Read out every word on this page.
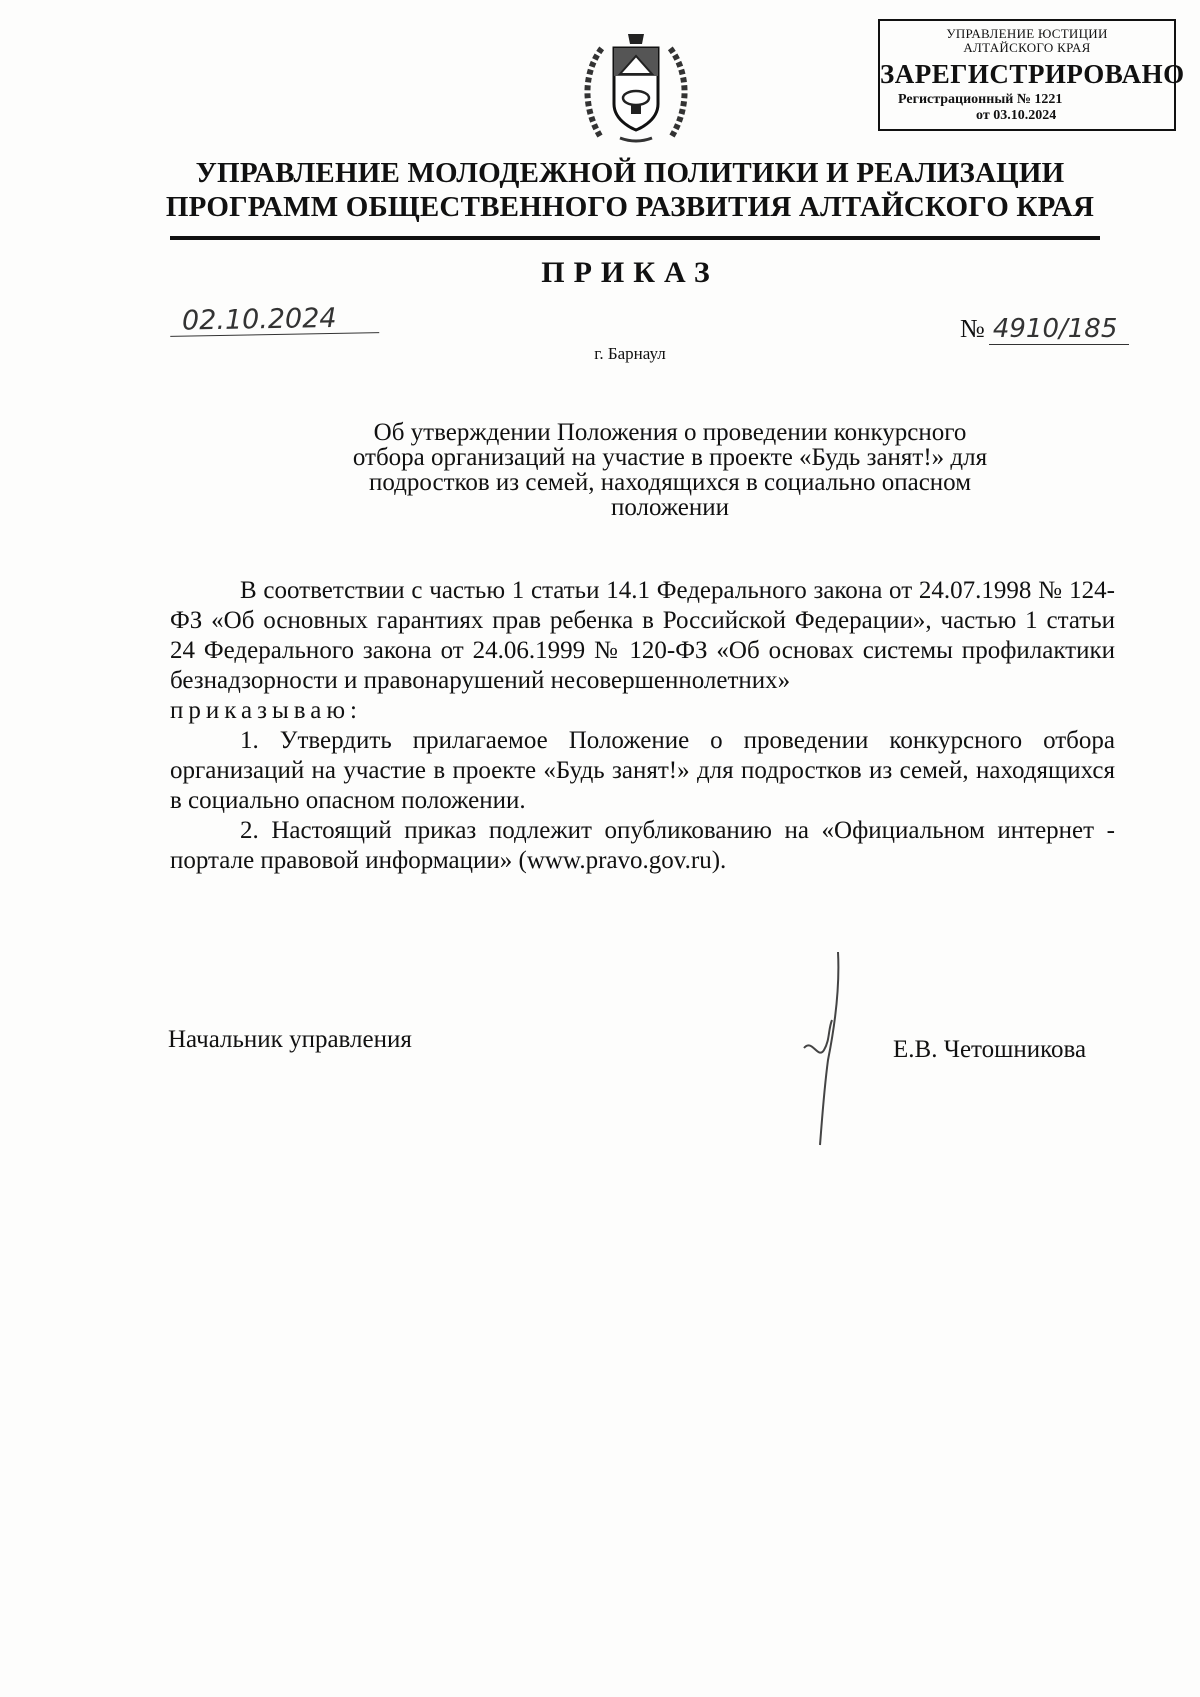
УПРАВЛЕНИЕ ЮСТИЦИИ
АЛТАЙСКОГО КРАЯ
ЗАРЕГИСТРИРОВАНО
Регистрационный № 1221
от 03.10.2024
УПРАВЛЕНИЕ МОЛОДЕЖНОЙ ПОЛИТИКИ И РЕАЛИЗАЦИИ
ПРОГРАММ ОБЩЕСТВЕННОГО РАЗВИТИЯ АЛТАЙСКОГО КРАЯ
ПРИКАЗ
02.10.2024	№ 4910/185
г. Барнаул
Об утверждении Положения о проведении конкурсного
отбора организаций на участие в проекте «Будь занят!» для
подростков из семей, находящихся в социально опасном
положении

В соответствии с частью 1 статьи 14.1 Федерального закона от 24.07.1998 № 124-ФЗ «Об основных гарантиях прав ребенка в Российской Федерации», частью 1 статьи 24 Федерального закона от 24.06.1999 № 120-ФЗ «Об основах системы профилактики безнадзорности и правонарушений несовершеннолетних»

приказываю:

1. Утвердить прилагаемое Положение о проведении конкурсного отбора организаций на участие в проекте «Будь занят!» для подростков из семей, находящихся в социально опасном положении.

2. Настоящий приказ подлежит опубликованию на «Официальном интернет - портале правовой информации» (www.pravo.gov.ru).

Начальник управления	Е.В. Четошникова
